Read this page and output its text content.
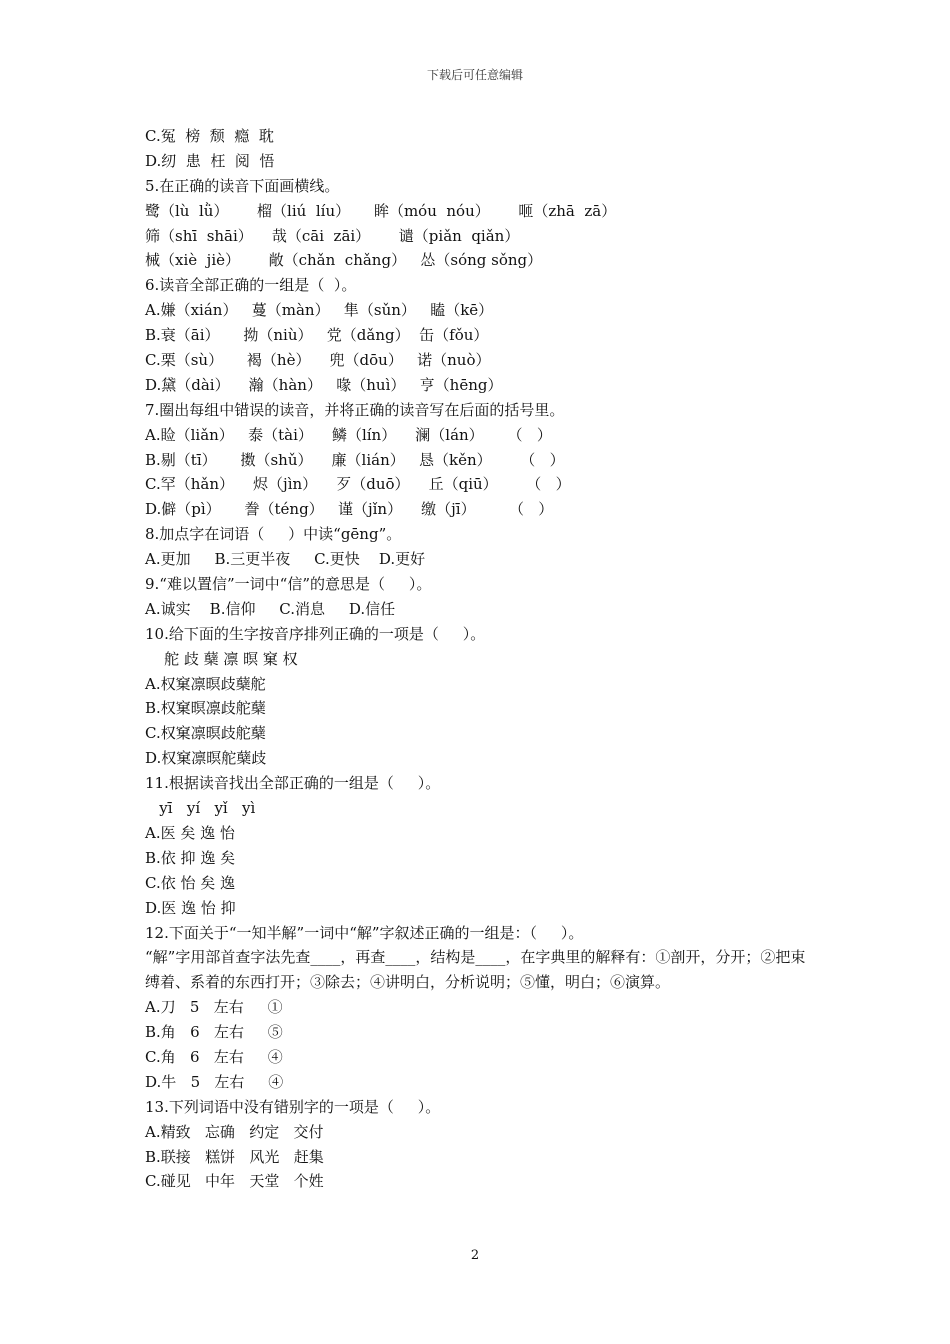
下载后可任意编辑
C.冤  榜  颓  瘾  耽
D.纫  患  枉  阅  悟
5.在正确的读音下面画横线。
鹭（lù  lǜ）      榴（liú  líu）     眸（móu  nóu）      咂（zhā  zā）
筛（shī  shāi）    哉（cāi  zāi）      谴（piǎn  qiǎn）
械（xiè  jiè）      敞（chǎn  chǎng）   怂（sóng sǒng）
6.读音全部正确的一组是（  ）。
A.嫌（xián）   蔓（màn）   隼（sǔn）   瞌（kē）
B.衰（āi）     拗（niù）   党（dǎng）  缶（fǒu）
C.栗（sù）     褐（hè）    兜（dōu）   诺（nuò）
D.黛（dài）    瀚（hàn）   喙（huì）   亨（hēng）
7.圈出每组中错误的读音，并将正确的读音写在后面的括号里。
A.睑（liǎn）   泰（tài）    鳞（lín）    澜（lán）     （   ）
B.剔（tī）     擞（shǔ）    廉（lián）   恳（kěn）      （   ）
C.罕（hǎn）    烬（jìn）    歹（duō）    丘（qiū）      （   ）
D.僻（pì）     誊（téng）   谨（jǐn）    缴（jī）       （   ）
8.加点字在词语（     ）中读“gēng”。
A.更加     B.三更半夜     C.更快    D.更好
9.“难以置信”一词中“信”的意思是（     ）。
A.诚实    B.信仰     C.消息     D.信任
10.给下面的生字按音序排列正确的一项是（     ）。
舵 歧 蘖 凛 暝 窠 权
A.权窠凛暝歧蘖舵
B.权窠暝凛歧舵蘖
C.权窠凛暝歧舵蘖
D.权窠凛暝舵蘖歧
11.根据读音找出全部正确的一组是（     ）。
yī   yí   yǐ   yì
A.医 矣 逸 怡
B.依 抑 逸 矣
C.依 怡 矣 逸
D.医 逸 怡 抑
12.下面关于“一知半解”一词中“解”字叙述正确的一组是：（     ）。
“解”字用部首查字法先查____，再查____，结构是____，在字典里的解释有：①剖开，分开；②把束缚着、系着的东西打开；③除去；④讲明白，分析说明；⑤懂，明白；⑥演算。
A.刀   5   左右     ①
B.角   6   左右     ⑤
C.角   6   左右     ④
D.牛   5   左右     ④
13.下列词语中没有错别字的一项是（     ）。
A.精致   忘确   约定   交付
B.联接   糕饼   风光   赶集
C.碰见   中年   天堂   个姓
2
